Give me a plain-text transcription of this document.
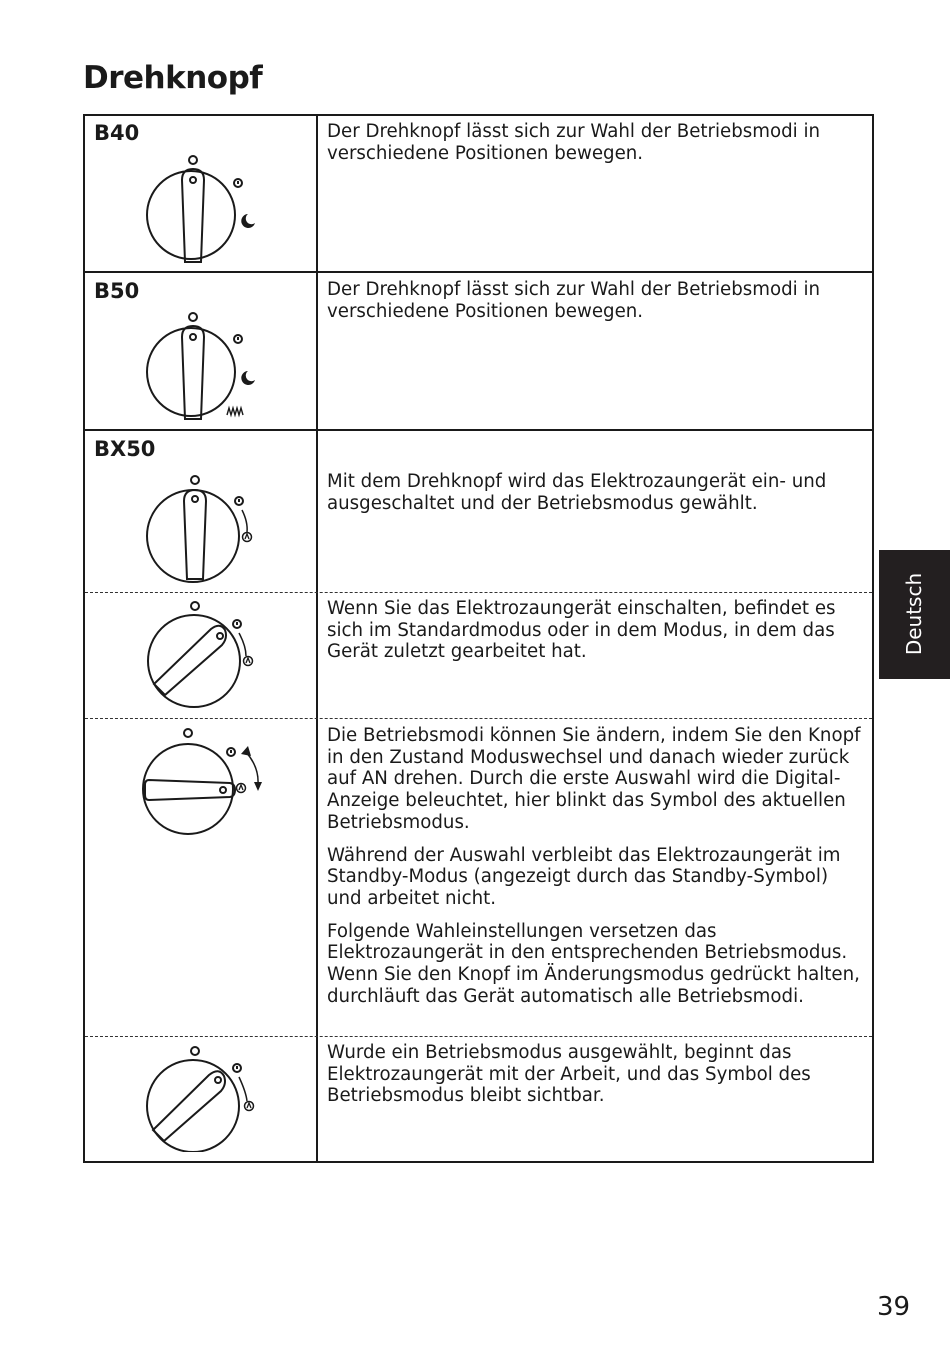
Drehknopf
B40
B50
BX50

Der Drehknopf lässt sich zur Wahl der Betriebsmodi in verschiedene Positionen bewegen.

Der Drehknopf lässt sich zur Wahl der Betriebsmodi in verschiedene Positionen bewegen.

Mit dem Drehknopf wird das Elektrozaungerät ein- und ausgeschaltet und der Betriebsmodus gewählt.

Wenn Sie das Elektrozaungerät einschalten, befindet es sich im Standardmodus oder in dem Modus, in dem das Gerät zuletzt gearbeitet hat.

Die Betriebsmodi können Sie ändern, indem Sie den Knopf in den Zustand Moduswechsel und danach wieder zurück auf AN drehen. Durch die erste Auswahl wird die Digital-Anzeige beleuchtet, hier blinkt das Symbol des aktuellen Betriebsmodus.

Während der Auswahl verbleibt das Elektrozaungerät im Standby-Modus (angezeigt durch das Standby-Symbol) und arbeitet nicht.

Folgende Wahleinstellungen versetzen das Elektrozaungerät in den entsprechenden Betriebsmodus. Wenn Sie den Knopf im Änderungsmodus gedrückt halten, durchläuft das Gerät automatisch alle Betriebsmodi.

Wurde ein Betriebsmodus ausgewählt, beginnt das Elektrozaungerät mit der Arbeit, und das Symbol des Betriebsmodus bleibt sichtbar.

Deutsch
39
